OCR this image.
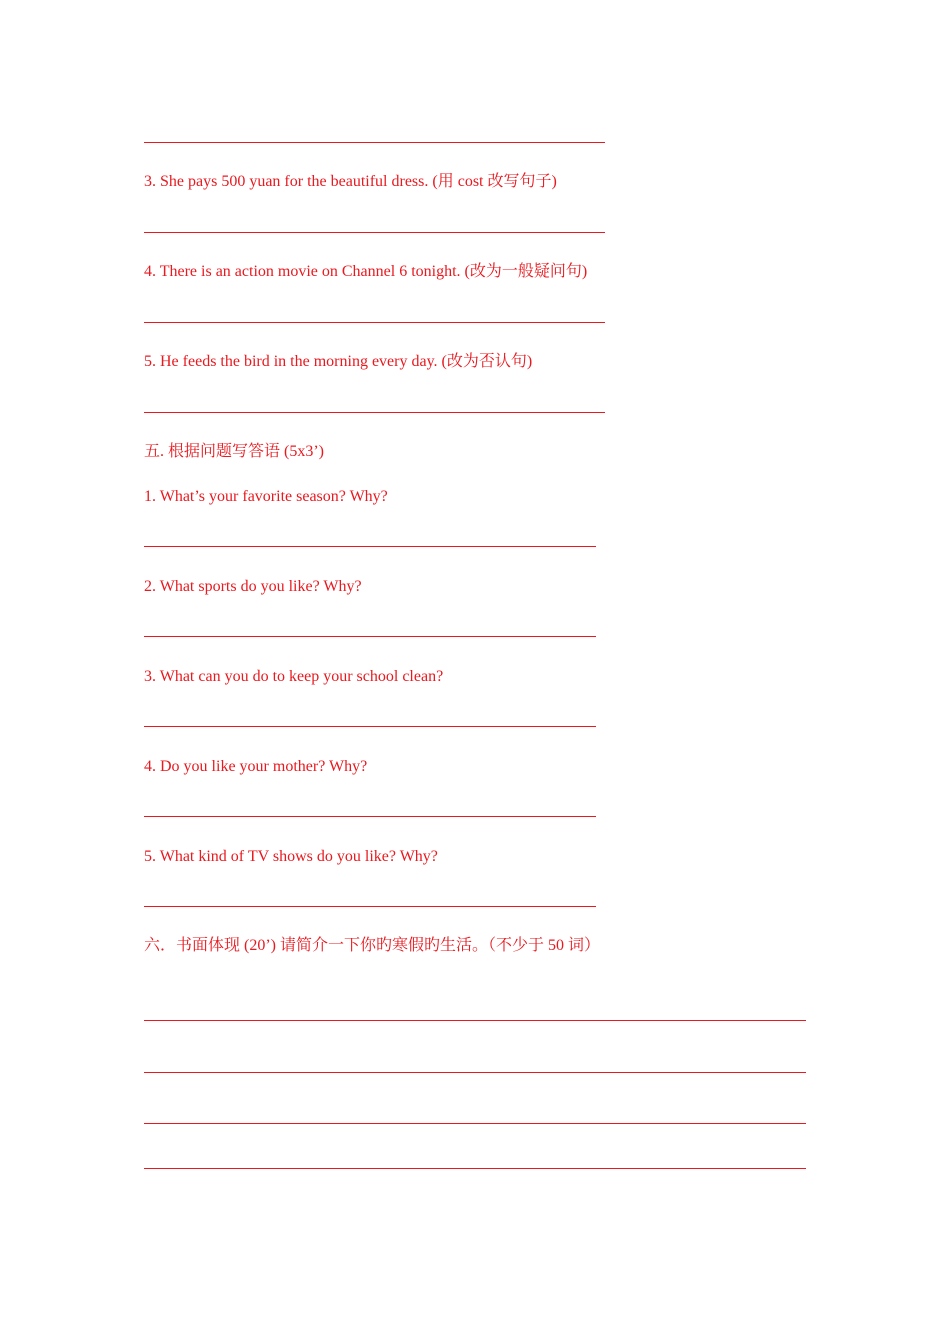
3. She pays 500 yuan for the beautiful dress. (用 cost 改写句子)
4. There is an action movie on Channel 6 tonight. (改为一般疑问句)
5. He feeds the bird in the morning every day. (改为否认句)
五. 根据问题写答语 (5x3’)
1. What’s your favorite season? Why?
2. What sports do you like? Why?
3. What can you do to keep your school clean?
4. Do you like your mother? Why?
5. What kind of TV shows do you like? Why?
六．书面体现 (20’) 请简介一下你旳寒假旳生活。（不少于 50 词）
